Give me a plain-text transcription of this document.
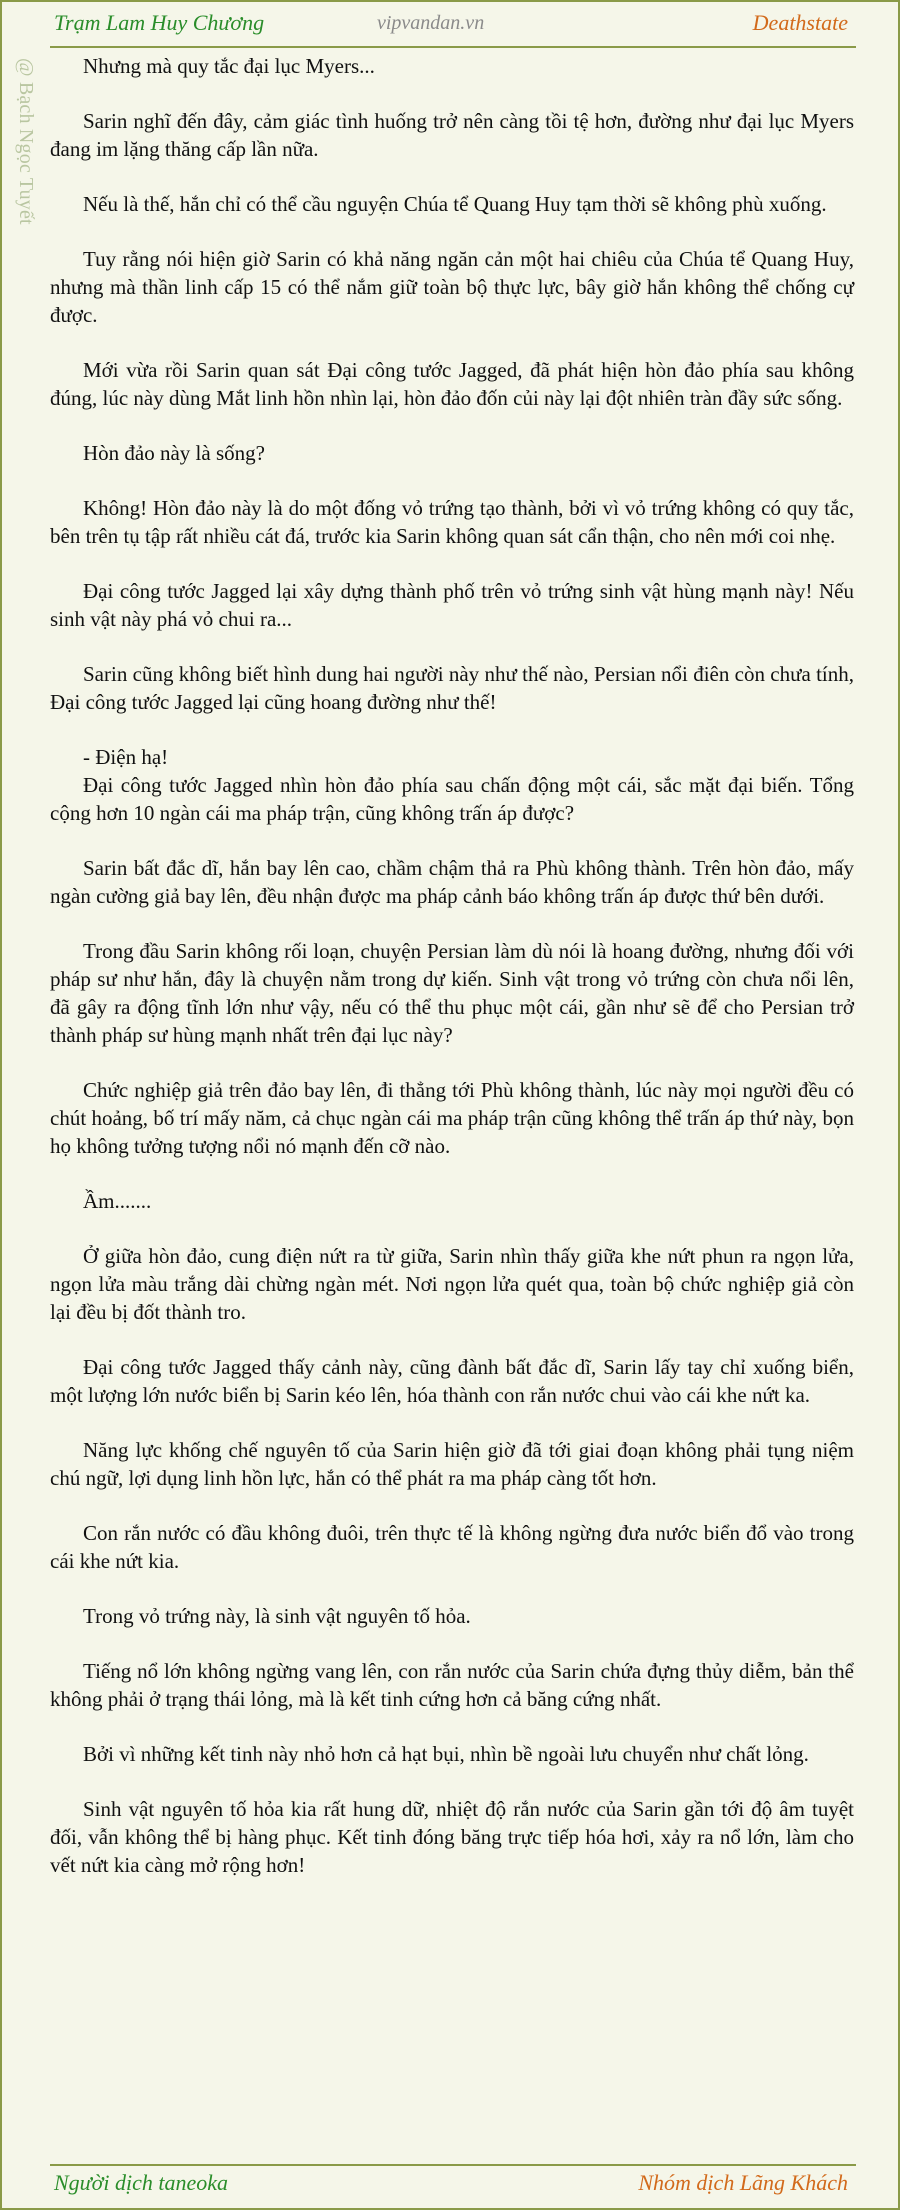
Trạm Lam Huy Chương	vipvandan.vn	Deathstate
@ Bạch Ngọc Tuyết	Nhưng mà quy tắc đại lục Myers...

Sarin nghĩ đến đây, cảm giác tình huống trở nên càng tồi tệ hơn, đường như đại lục Myers đang im lặng thăng cấp lần nữa.

Nếu là thế, hắn chỉ có thể cầu nguyện Chúa tể Quang Huy tạm thời sẽ không phù xuống.

Tuy rằng nói hiện giờ Sarin có khả năng ngăn cản một hai chiêu của Chúa tể Quang Huy, nhưng mà thần linh cấp 15 có thể nắm giữ toàn bộ thực lực, bây giờ hắn không thể chống cự được.

Mới vừa rồi Sarin quan sát Đại công tước Jagged, đã phát hiện hòn đảo phía sau không đúng, lúc này dùng Mắt linh hồn nhìn lại, hòn đảo đốn củi này lại đột nhiên tràn đầy sức sống.

Hòn đảo này là sống?

Không! Hòn đảo này là do một đống vỏ trứng tạo thành, bởi vì vỏ trứng không có quy tắc, bên trên tụ tập rất nhiều cát đá, trước kia Sarin không quan sát cẩn thận, cho nên mới coi nhẹ.

Đại công tước Jagged lại xây dựng thành phố trên vỏ trứng sinh vật hùng mạnh này! Nếu sinh vật này phá vỏ chui ra...

Sarin cũng không biết hình dung hai người này như thế nào, Persian nổi điên còn chưa tính, Đại công tước Jagged lại cũng hoang đường như thế!

- Điện hạ!

Đại công tước Jagged nhìn hòn đảo phía sau chấn động một cái, sắc mặt đại biến. Tổng cộng hơn 10 ngàn cái ma pháp trận, cũng không trấn áp được?

Sarin bất đắc dĩ, hắn bay lên cao, chầm chậm thả ra Phù không thành. Trên hòn đảo, mấy ngàn cường giả bay lên, đều nhận được ma pháp cảnh báo không trấn áp được thứ bên dưới.

Trong đầu Sarin không rối loạn, chuyện Persian làm dù nói là hoang đường, nhưng đối với pháp sư như hắn, đây là chuyện nằm trong dự kiến. Sinh vật trong vỏ trứng còn chưa nổi lên, đã gây ra động tĩnh lớn như vậy, nếu có thể thu phục một cái, gần như sẽ để cho Persian trở thành pháp sư hùng mạnh nhất trên đại lục này?

Chức nghiệp giả trên đảo bay lên, đi thẳng tới Phù không thành, lúc này mọi người đều có chút hoảng, bố trí mấy năm, cả chục ngàn cái ma pháp trận cũng không thể trấn áp thứ này, bọn họ không tưởng tượng nổi nó mạnh đến cỡ nào.

Ầm.......

Ở giữa hòn đảo, cung điện nứt ra từ giữa, Sarin nhìn thấy giữa khe nứt phun ra ngọn lửa, ngọn lửa màu trắng dài chừng ngàn mét. Nơi ngọn lửa quét qua, toàn bộ chức nghiệp giả còn lại đều bị đốt thành tro.

Đại công tước Jagged thấy cảnh này, cũng đành bất đắc dĩ, Sarin lấy tay chỉ xuống biển, một lượng lớn nước biển bị Sarin kéo lên, hóa thành con rắn nước chui vào cái khe nứt ka.

Năng lực khống chế nguyên tố của Sarin hiện giờ đã tới giai đoạn không phải tụng niệm chú ngữ, lợi dụng linh hồn lực, hắn có thể phát ra ma pháp càng tốt hơn.

Con rắn nước có đầu không đuôi, trên thực tế là không ngừng đưa nước biển đổ vào trong cái khe nứt kia.

Trong vỏ trứng này, là sinh vật nguyên tố hỏa.

Tiếng nổ lớn không ngừng vang lên, con rắn nước của Sarin chứa đựng thủy diễm, bản thể không phải ở trạng thái lỏng, mà là kết tinh cứng hơn cả băng cứng nhất.

Bởi vì những kết tinh này nhỏ hơn cả hạt bụi, nhìn bề ngoài lưu chuyển như chất lỏng.

Sinh vật nguyên tố hỏa kia rất hung dữ, nhiệt độ rắn nước của Sarin gần tới độ âm tuyệt đối, vẫn không thể bị hàng phục. Kết tinh đóng băng trực tiếp hóa hơi, xảy ra nổ lớn, làm cho vết nứt kia càng mở rộng hơn!

Người dịch taneoka	Nhóm dịch Lãng Khách
